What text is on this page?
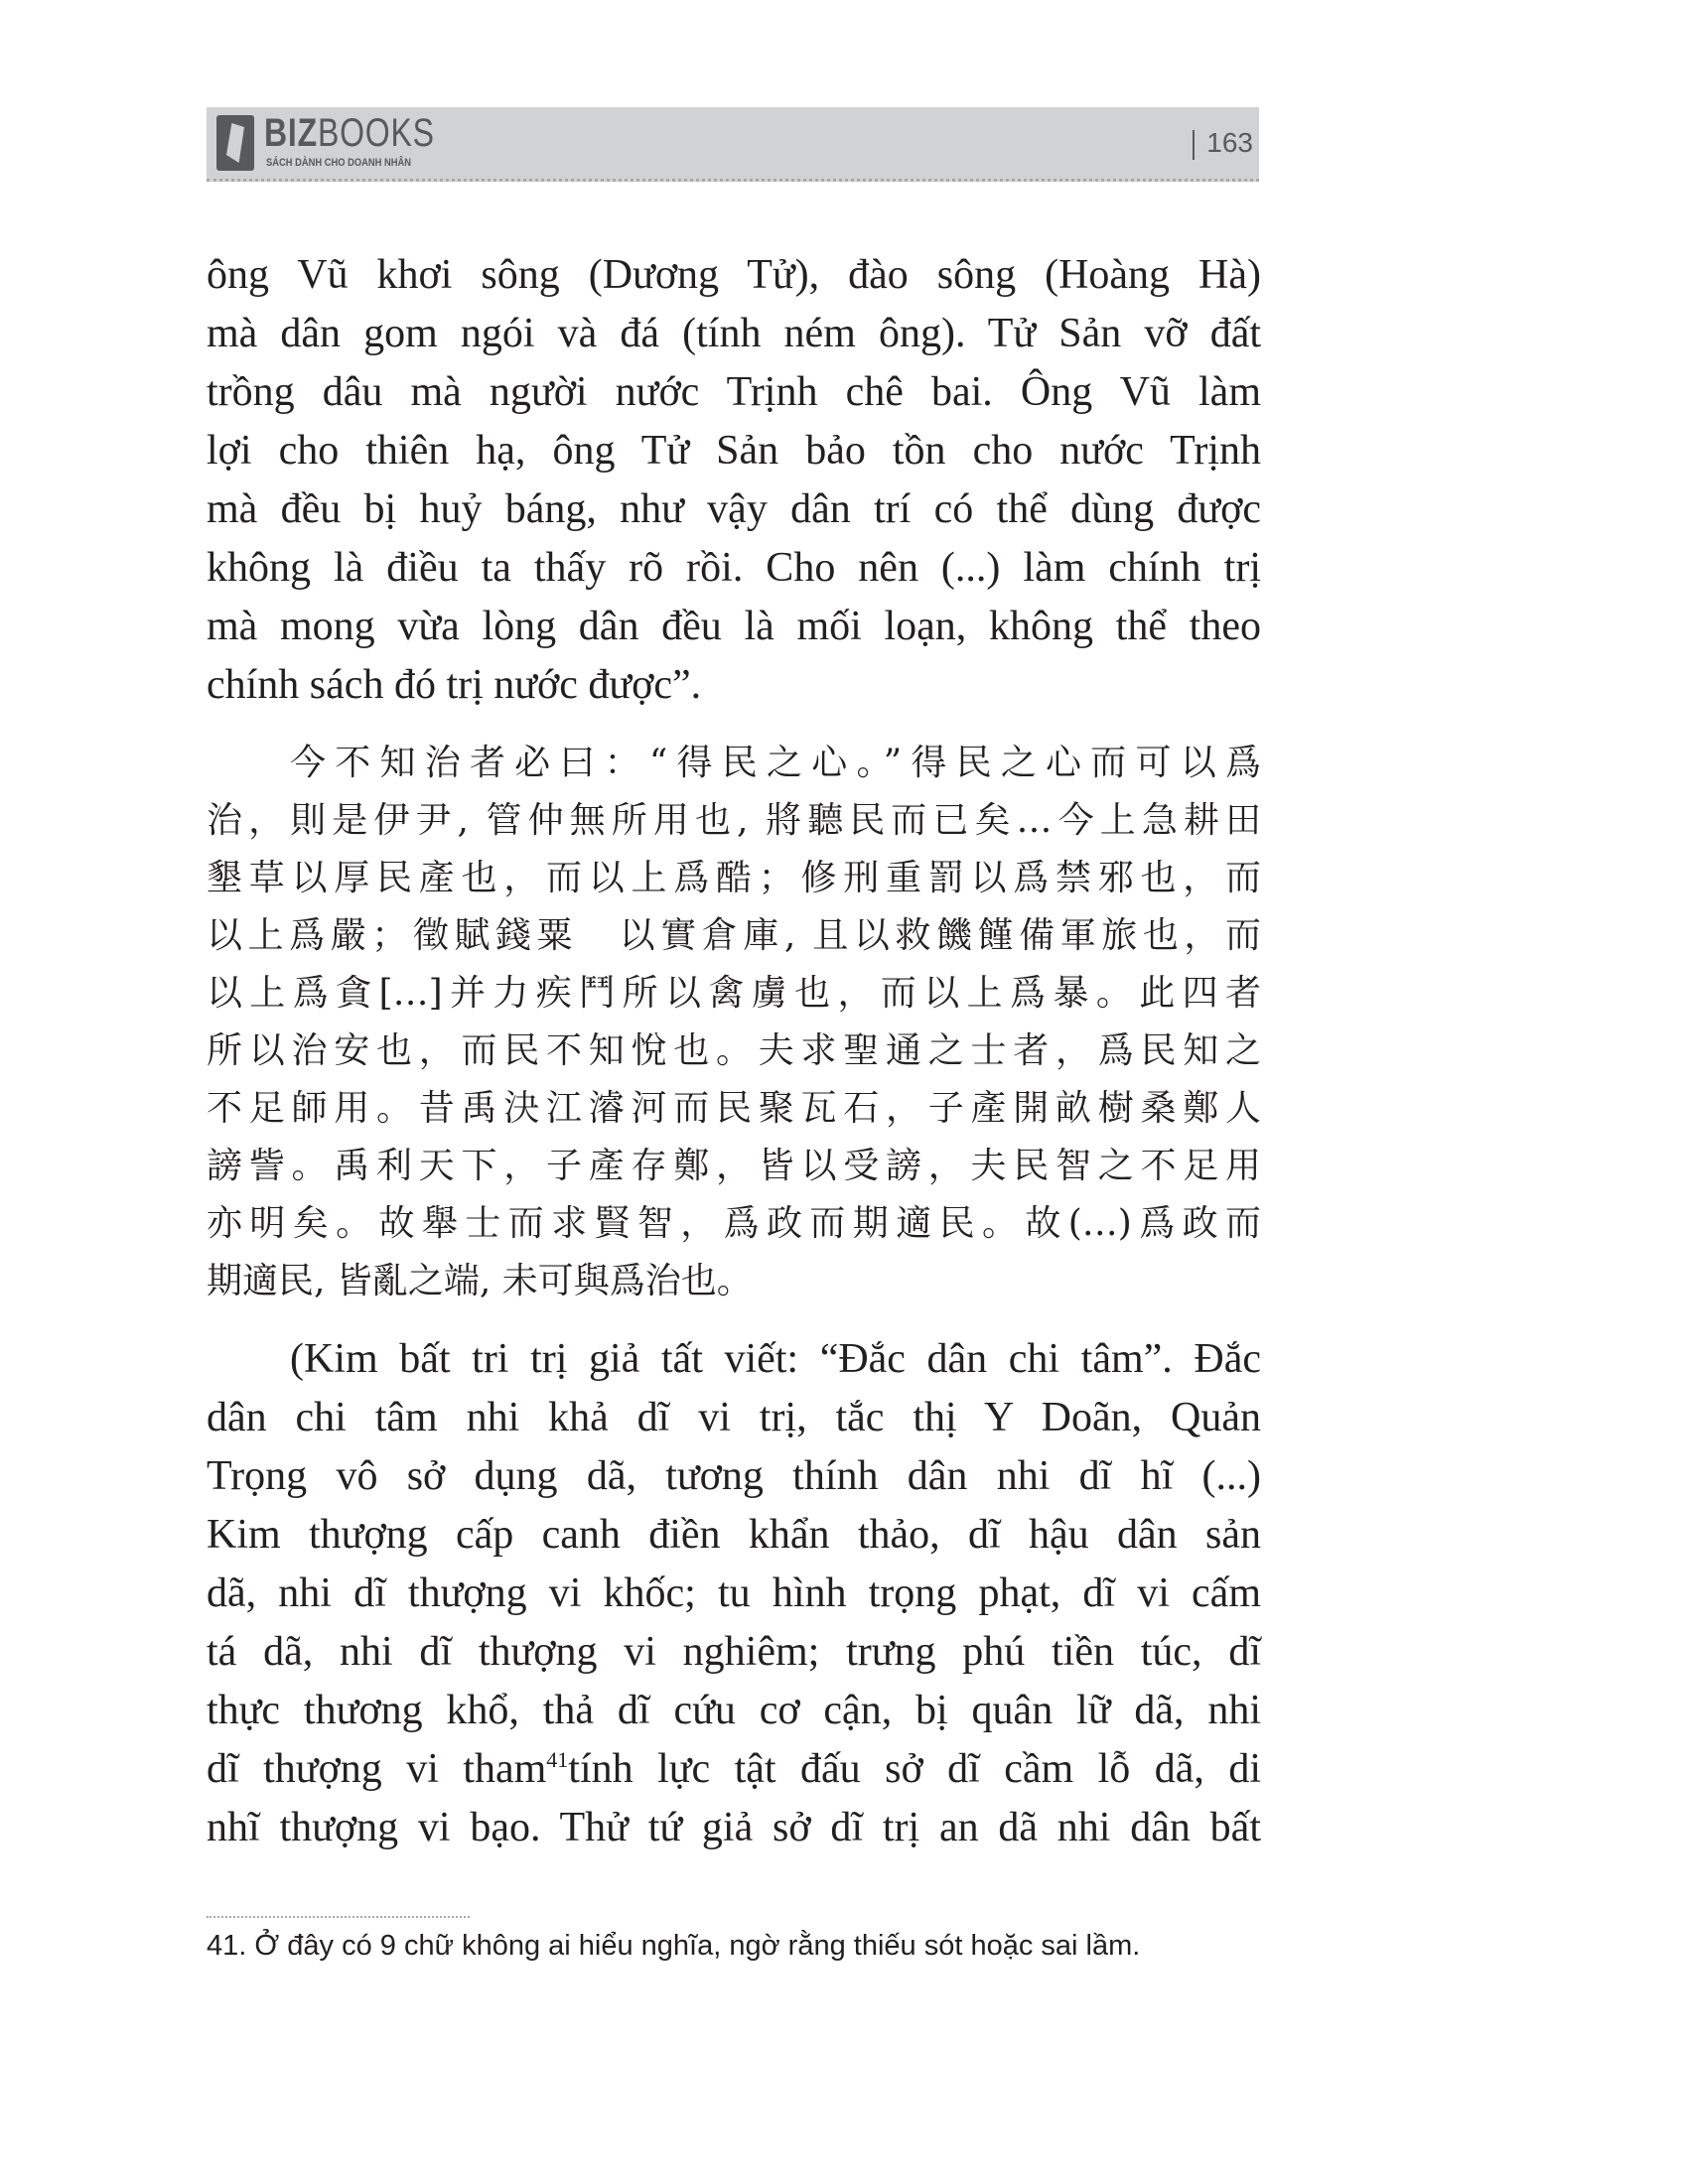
BIZBOOKS
SÁCH DÀNH CHO DOANH NHÂN
163
ông Vũ khơi sông (Dương Tử), đào sông (Hoàng Hà)
mà dân gom ngói và đá (tính ném ông). Tử Sản vỡ đất
trồng dâu mà người nước Trịnh chê bai. Ông Vũ làm
lợi cho thiên hạ, ông Tử Sản bảo tồn cho nước Trịnh
mà đều bị huỷ báng, như vậy dân trí có thể dùng được
không là điều ta thấy rõ rồi. Cho nên (...) làm chính trị
mà mong vừa lòng dân đều là mối loạn, không thể theo
chính sách đó trị nước được”.
今不知治者必曰：“得民之心。”得民之心而可以爲
治，則是伊尹, 管仲無所用也, 將聽民而已矣…今上急耕田
墾草以厚民產也，而以上爲酷；修刑重罰以爲禁邪也，而
以上爲嚴；徵賦錢粟　以實倉庫, 且以救饑饉備軍旅也，而
以上爲貪[…]并力疾鬥所以禽虜也，而以上爲暴。此四者
所以治安也，而民不知悅也。夫求聖通之士者，爲民知之
不足師用。昔禹決江濬河而民聚瓦石，子產開畝樹桑鄭人
謗訾。禹利天下，子產存鄭，皆以受謗，夫民智之不足用
亦明矣。故舉士而求賢智，爲政而期適民。故(…)爲政而
期適民, 皆亂之端, 未可與爲治也。
(Kim bất tri trị giả tất viết: “Đắc dân chi tâm”. Đắc
dân chi tâm nhi khả dĩ vi trị, tắc thị Y Doãn, Quản
Trọng vô sở dụng dã, tương thính dân nhi dĩ hĩ (...)
Kim thượng cấp canh điền khẩn thảo, dĩ hậu dân sản
dã, nhi dĩ thượng vi khốc; tu hình trọng phạt, dĩ vi cấm
tá dã, nhi dĩ thượng vi nghiêm; trưng phú tiền túc, dĩ
thực thương khổ, thả dĩ cứu cơ cận, bị quân lữ dã, nhi
dĩ thượng vi tham$^{41}$tính lực tật đấu sở dĩ cầm lỗ dã, di
nhĩ thượng vi bạo. Thử tứ giả sở dĩ trị an dã nhi dân bất
41. Ở đây có 9 chữ không ai hiểu nghĩa, ngờ rằng thiếu sót hoặc sai lầm.
